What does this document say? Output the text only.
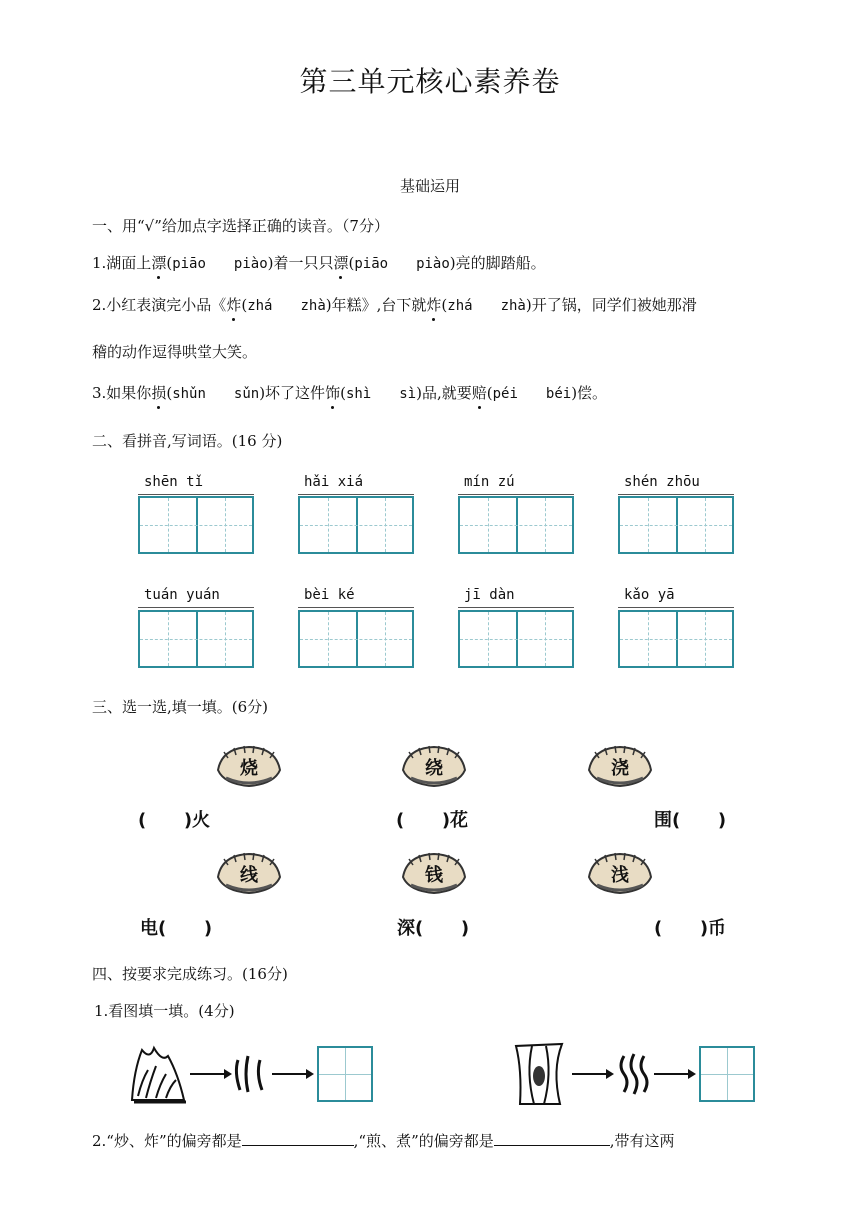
第三单元核心素养卷
基础运用
一、用“√”给加点字选择正确的读音。（7分）
1.湖面上漂(piāo piào)着一只只漂(piāo piào)亮的脚踏船。
2.小红表演完小品《炸(zhá zhà)年糕》,台下就炸(zhá zhà)开了锅，同学们被她那滑
稽的动作逗得哄堂大笑。
3.如果你损(shǔn sǔn)坏了这件饰(shì sì)品,就要赔(péi béi)偿。
二、看拼音,写词语。(16 分)
shēn tǐ	hǎi xiá	mín zú	shén zhōu
tuán yuán	bèi ké	jī dàn	kǎo yā
三、选一选,填一填。(6分)
烧	绕	浇
线	钱	浅
(      )火	(      )花	围(      )
电(      )	深(      )	(      )币
四、按要求完成练习。(16分)
1.看图填一填。(4分)
2.“炒、炸”的偏旁都是	,“煎、煮”的偏旁都是	,带有这两
